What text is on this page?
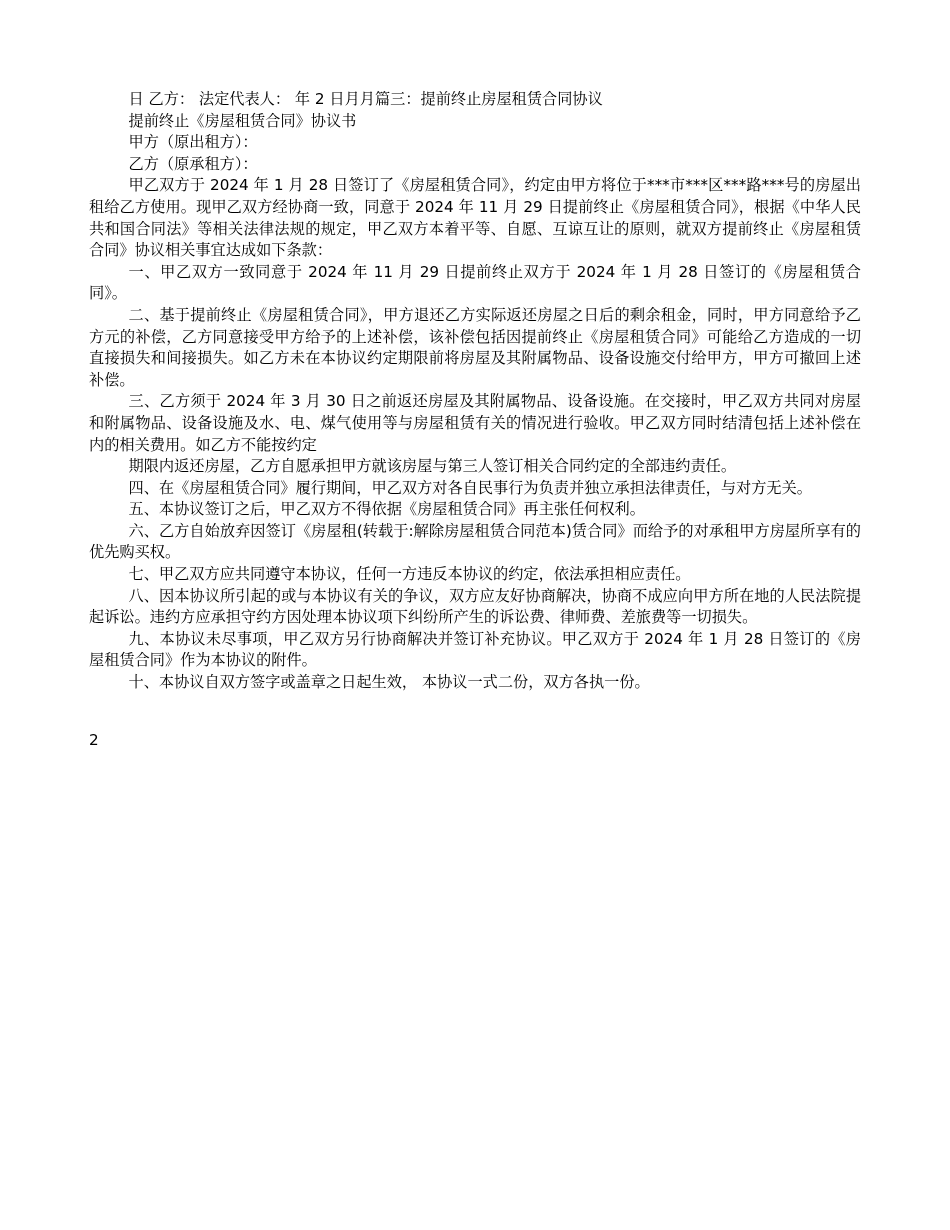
日 乙方： 法定代表人： 年 2 日月月篇三：提前终止房屋租赁合同协议

提前终止《房屋租赁合同》协议书

甲方（原出租方）：

乙方（原承租方）：

甲乙双方于 2024 年 1 月 28 日签订了《房屋租赁合同》，约定由甲方将位于***市***区***路***号的房屋出租给乙方使用。现甲乙双方经协商一致，同意于 2024 年 11 月 29 日提前终止《房屋租赁合同》，根据《中华人民共和国合同法》等相关法律法规的规定，甲乙双方本着平等、自愿、互谅互让的原则，就双方提前终止《房屋租赁合同》协议相关事宜达成如下条款：

一、甲乙双方一致同意于 2024 年 11 月 29 日提前终止双方于 2024 年 1 月 28 日签订的《房屋租赁合同》。

二、基于提前终止《房屋租赁合同》，甲方退还乙方实际返还房屋之日后的剩余租金，同时，甲方同意给予乙方元的补偿，乙方同意接受甲方给予的上述补偿，该补偿包括因提前终止《房屋租赁合同》可能给乙方造成的一切直接损失和间接损失。如乙方未在本协议约定期限前将房屋及其附属物品、设备设施交付给甲方，甲方可撤回上述补偿。

三、乙方须于 2024 年 3 月 30 日之前返还房屋及其附属物品、设备设施。在交接时，甲乙双方共同对房屋和附属物品、设备设施及水、电、煤气使用等与房屋租赁有关的情况进行验收。甲乙双方同时结清包括上述补偿在内的相关费用。如乙方不能按约定

期限内返还房屋，乙方自愿承担甲方就该房屋与第三人签订相关合同约定的全部违约责任。

四、在《房屋租赁合同》履行期间，甲乙双方对各自民事行为负责并独立承担法律责任，与对方无关。

五、本协议签订之后，甲乙双方不得依据《房屋租赁合同》再主张任何权利。

六、乙方自始放弃因签订《房屋租(转载于:解除房屋租赁合同范本)赁合同》而给予的对承租甲方房屋所享有的优先购买权。

七、甲乙双方应共同遵守本协议，任何一方违反本协议的约定，依法承担相应责任。

八、因本协议所引起的或与本协议有关的争议，双方应友好协商解决，协商不成应向甲方所在地的人民法院提起诉讼。违约方应承担守约方因处理本协议项下纠纷所产生的诉讼费、律师费、差旅费等一切损失。

九、本协议未尽事项，甲乙双方另行协商解决并签订补充协议。甲乙双方于 2024 年 1 月 28 日签订的《房屋租赁合同》作为本协议的附件。

十、本协议自双方签字或盖章之日起生效， 本协议一式二份，双方各执一份。

2
